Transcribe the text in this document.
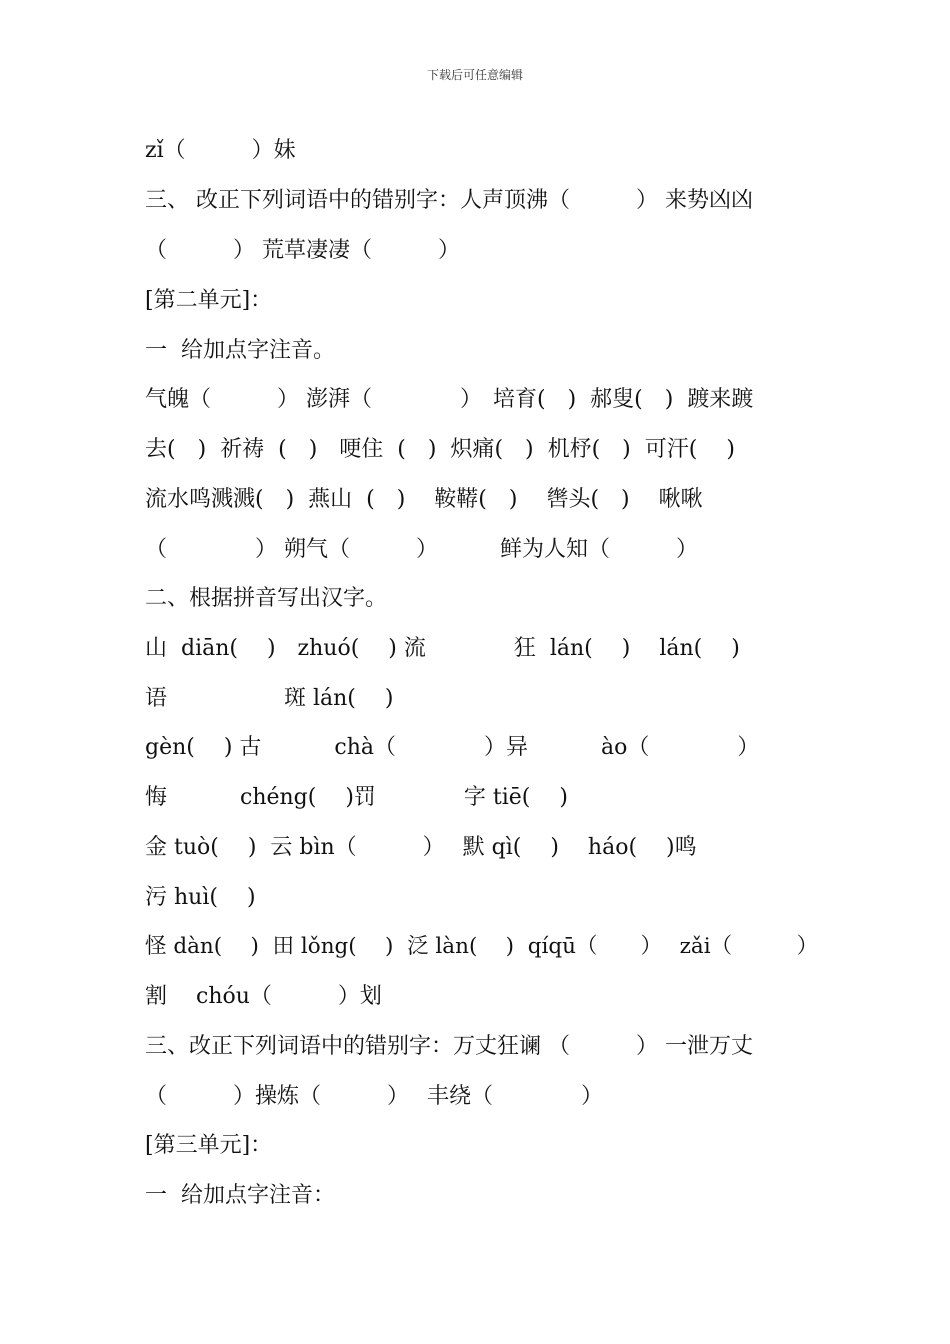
下载后可任意编辑
zǐ（　　　）妹
三、 改正下列词语中的错别字：人声顶沸（　　　） 来势凶凶
（　　　） 荒草凄凄（　　　）
[第二单元]：
一  给加点字注音。
气魄（　　　） 澎湃（　　　　）　培育(　)  郝叟(　)  踱来踱
去(　)  祈祷  (　)　哽住  (　)  炽痛(　)  机杼(　)  可汗(　 )
流水鸣溅溅(　)  燕山  (　)　 鞍鞯(　)　 辔头(　)　 啾啾
（　　　　） 朔气（　　　）　　　 鲜为人知（　　　）
二、根据拼音写出汉字。
山  diān(　 )　zhuó(　 ) 流　　　　狂  lán(　 )　 lán(　 )
语　　　　　 斑 lán(　 )
gèn(　 ) 古　　　 chà（　　　　）异　　　 ào（　　　　）
悔　　　 chéng(　 )罚　　　　字 tiē(　 )
金 tuò(　 )  云 bìn（　　　）　 默 qì(　 )　 háo(　 )鸣
污 huì(　 )
怪 dàn(　 )  田 lǒng(　 )  泛 làn(　 )  qíqū（　　）　 zǎi（　　　）
割　 chóu（　　　）划
三、改正下列词语中的错别字：万丈狂谰 （　　　） 一泄万丈
（　　　）操炼（　　　）　 丰绕（　　　　）
[第三单元]：
一  给加点字注音：
